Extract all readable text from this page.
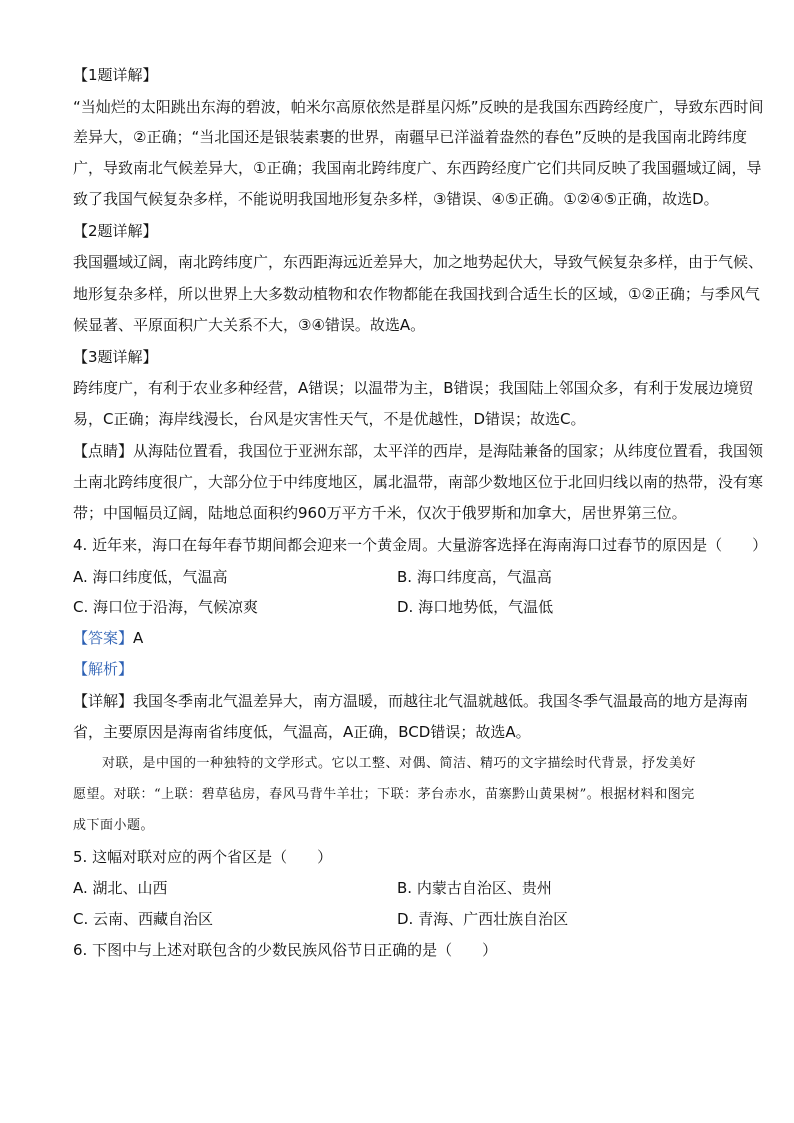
【1题详解】
“当灿烂的太阳跳出东海的碧波，帕米尔高原依然是群星闪烁”反映的是我国东西跨经度广，导致东西时间
差异大，②正确；“当北国还是银装素裹的世界，南疆早已洋溢着盎然的春色”反映的是我国南北跨纬度
广，导致南北气候差异大，①正确；我国南北跨纬度广、东西跨经度广它们共同反映了我国疆域辽阔，导
致了我国气候复杂多样，不能说明我国地形复杂多样，③错误、④⑤正确。①②④⑤正确，故选D。
【2题详解】
我国疆域辽阔，南北跨纬度广，东西距海远近差异大，加之地势起伏大，导致气候复杂多样，由于气候、
地形复杂多样，所以世界上大多数动植物和农作物都能在我国找到合适生长的区域，①②正确；与季风气
候显著、平原面积广大关系不大，③④错误。故选A。
【3题详解】
跨纬度广，有利于农业多种经营，A错误；以温带为主，B错误；我国陆上邻国众多，有利于发展边境贸
易，C正确；海岸线漫长，台风是灾害性天气，不是优越性，D错误；故选C。
【点睛】从海陆位置看，我国位于亚洲东部，太平洋的西岸，是海陆兼备的国家；从纬度位置看，我国领
土南北跨纬度很广，大部分位于中纬度地区，属北温带，南部少数地区位于北回归线以南的热带，没有寒
带；中国幅员辽阔，陆地总面积约960万平方千米，仅次于俄罗斯和加拿大，居世界第三位。
4. 近年来，海口在每年春节期间都会迎来一个黄金周。大量游客选择在海南海口过春节的原因是（　　）
A. 海口纬度低，气温高	B. 海口纬度高，气温高
C. 海口位于沿海，气候凉爽	D. 海口地势低，气温低
【答案】A
【解析】
【详解】我国冬季南北气温差异大，南方温暖，而越往北气温就越低。我国冬季气温最高的地方是海南
省，主要原因是海南省纬度低，气温高，A正确，BCD错误；故选A。
对联，是中国的一种独特的文学形式。它以工整、对偶、简洁、精巧的文字描绘时代背景，抒发美好
愿望。对联：“上联：碧草毡房，春风马背牛羊壮；下联：茅台赤水，苗寨黔山黄果树”。根据材料和图完
成下面小题。
5. 这幅对联对应的两个省区是（　　）
A. 湖北、山西	B. 内蒙古自治区、贵州
C. 云南、西藏自治区	D. 青海、广西壮族自治区
6. 下图中与上述对联包含的少数民族风俗节日正确的是（　　）
